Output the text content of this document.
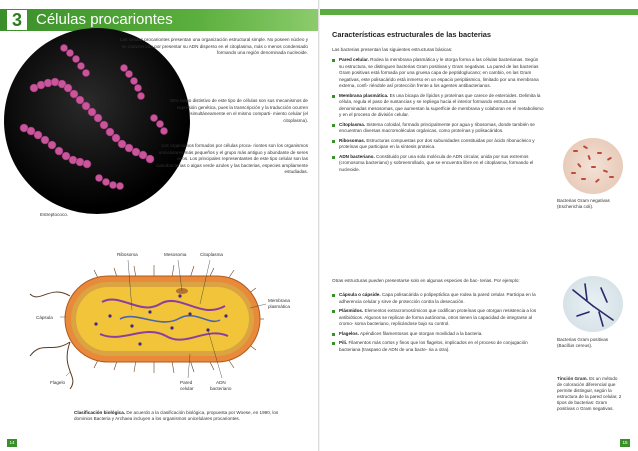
3 Células procariontes
Estreptococo.
Las células procariontes presentan una organización estructural simple. No poseen núcleo y se caracterizan por presentar su ADN disperso en el citoplasma, más o menos condensado formando una región denominada nucleoide.
Otro rasgo distintivo de este tipo de células son sus mecanismos de expresión genética, pues la transcripción y la traducción ocurren simultáneamente en el mismo comparti- miento celular (el citoplasma).
Los organismos formados por células proca- riontes son los organismos unicelulares más pequeños y el grupo más antiguo y abundante de seres vivos. Los principales representantes de este tipo celular son las cianobacterias o algas verde azules y las bacterias, especies ampliamente estudiadas.
Ribosoma	Mesosoma	Citoplasma
Cápsula
Membrana
plasmática
Flagelo	Pared
celular
ADN
bacteriano
Clasificación biológica. De acuerdo a la clasificación biológica, propuesta por Woese, en 1990, los dominios Bacteria y Archaea incluyen a los organismos unicelulares procariontes.
14
Características estructurales de las bacterias
Las bacterias presentan las siguientes estructuras básicas:
Pared celular. Rodea la membrana plasmática y le otorga forma a las células bacterianas. Según su estructura, se distinguen bacterias Gram positivas y Gram negativas. La pared de las bacterias Gram positivas está formada por una gruesa capa de peptidoglucano; en cambio, en las Gram negativas, este polisacárido está inmerso en un espacio periplásmico, limitado por una membrana externa, confi- riéndole así protección frente a los agentes antibacterianos.
Membrana plasmática. Es una bicapa de lípidos y proteínas que carece de esteroides. Delimita la célula, regula el paso de sustancias y se repliega hacia el interior formando estructuras denominadas mesosomas, que aumentan la superficie de membrana y colaboran en el metabolismo y en el proceso de división celular.
Citoplasma. Sistema coloidal, formado principalmente por agua y ribosomas, donde también se encuentran diversas macromoléculas orgánicas, como proteínas y polisacáridos.
Ribosomas. Estructuras compuestas por dos subunidades constituidas por ácido ribonucleico y proteínas que participan en la síntesis proteica.
ADN bacteriano. Constituido por una sola molécula de ADN circular, unida por sus extremos (cromosoma bacteriano) y sobreenrollado, que se encuentra libre en el citoplasma, formando el nucleoide.
Otras estructuras pueden presentarse solo en algunas especies de bac- terias. Por ejemplo:
Cápsula o cápside. Capa polisacárida o polipeptídica que rodea la pared celular. Participa en la adherencia celular y sirve de protección contra la desecación.
Plásmidos. Elementos extracromosómicos que codifican proteínas que otorgan resistencia a los antibióticos. Algunos se replican de forma autónoma, otros tienen la capacidad de integrarse al cromo- soma bacteriano, replicándose bajo su control.
Flagelos. Apéndices filamentosos que otorgan movilidad a la bacteria.
Pili. Filamentos más cortos y finos que los flagelos, implicados en el proceso de conjugación bacteriana (traspaso de ADN de una bacte- ria a otra).
Bacterias Gram negativas (Escherichia coli).
Bacterias Gram positivas (Bacillus cereus).
Tinción Gram. Es un método de coloración diferencial que permite distinguir, según la estructura de la pared celular, 2 tipos de bacterias: Gram positivas o Gram negativas.
15
